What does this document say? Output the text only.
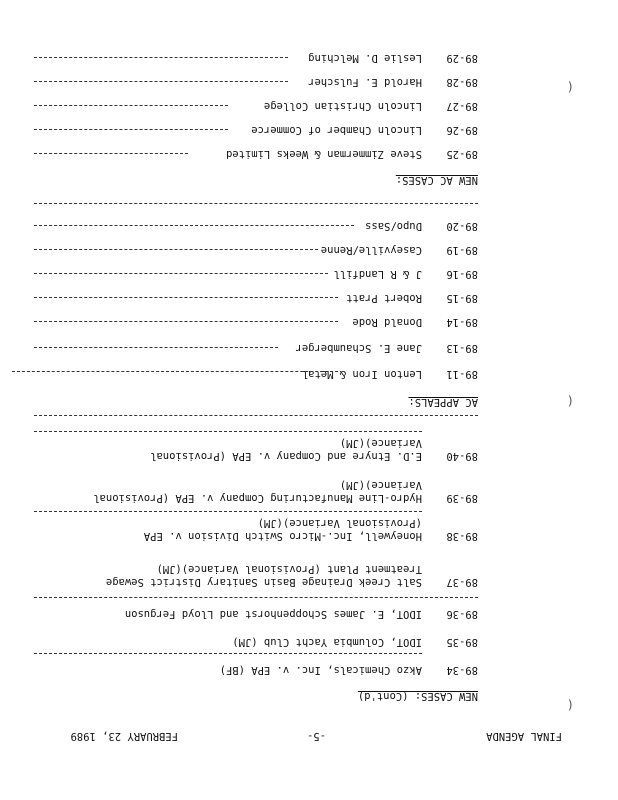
FINAL AGENDA
-5-
FEBRUARY 23, 1989
NEW CASES: (Cont'd)
89-34
Akzo Chemicals, Inc. v. EPA (BF)
89-35
IDOT, Columbia Yacht Club (JM)
89-36
IDOT, E. James Schoppenhorst and Lloyd Ferguson
89-37
Salt Creek Drainage Basin Sanitary District Sewage
Treatment Plant (Provisional Variance)(JM)
89-38
Honeywell, Inc.-Micro Switch Division v. EPA
(Provisional Variance)(JM)
89-39
Hydro-Line Manufacturing Company v. EPA (Provisional
Variance)(JM)
89-40
E.D. Etnyre and Company v. EPA (Provisional
Variance)(JM)
AC APPEALS:
89-11
Lenton Iron & Metal
89-13
Jane E. Schaumberger
89-14
Donald Rode
89-15
Robert Pratt
89-16
J & R Landfill
89-19
Caseyville/Renne
89-20
Dupo/Sass
NEW AC CASES:
89-25
Steve Zimmerman & Weeks Limited
89-26
Lincoln Chamber of Commerce
89-27
Lincoln Christian College
89-28
Harold E. Fulscher
89-29
Leslie D. Melching
(
(
(
